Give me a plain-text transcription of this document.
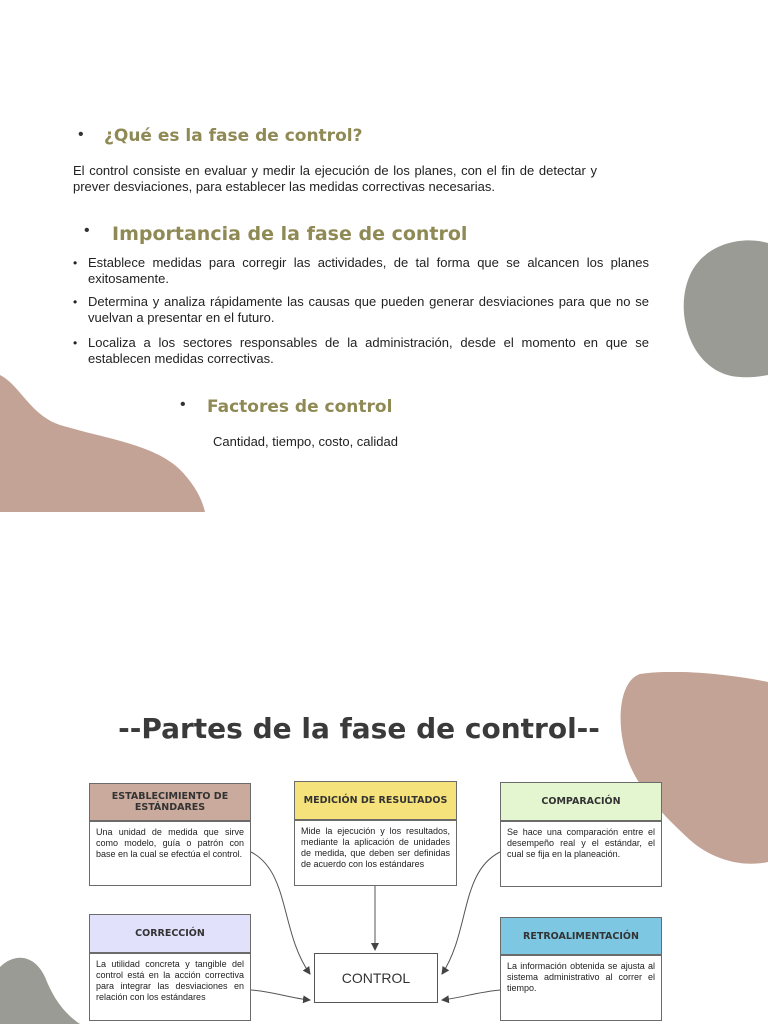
• ¿Qué es la fase de control?
El control consiste en evaluar y medir la ejecución de los planes, con el fin de detectar y prever desviaciones, para establecer las medidas correctivas necesarias.
• Importancia de la fase de control
• Establece medidas para corregir las actividades, de tal forma que se alcancen los planes exitosamente.
• Determina y analiza rápidamente las causas que pueden generar desviaciones para que no se vuelvan a presentar en el futuro.
• Localiza a los sectores responsables de la administración, desde el momento en que se establecen medidas correctivas.
• Factores de control
Cantidad, tiempo, costo, calidad
--Partes de la fase de control--
ESTABLECIMIENTO DE ESTÁNDARES
Una unidad de medida que sirve como modelo, guía o patrón con base en la cual se efectúa el control.
MEDICIÓN DE RESULTADOS
Mide la ejecución y los resultados, mediante la aplicación de unidades de medida, que deben ser definidas de acuerdo con los estándares
COMPARACIÓN
Se hace una comparación entre el desempeño real y el estándar, el cual se fija en la planeación.
CORRECCIÓN
La utilidad concreta y tangible del control está en la acción correctiva para integrar las desviaciones en relación con los estándares
RETROALIMENTACIÓN
La información obtenida se ajusta al sistema administrativo al correr el tiempo.
CONTROL
